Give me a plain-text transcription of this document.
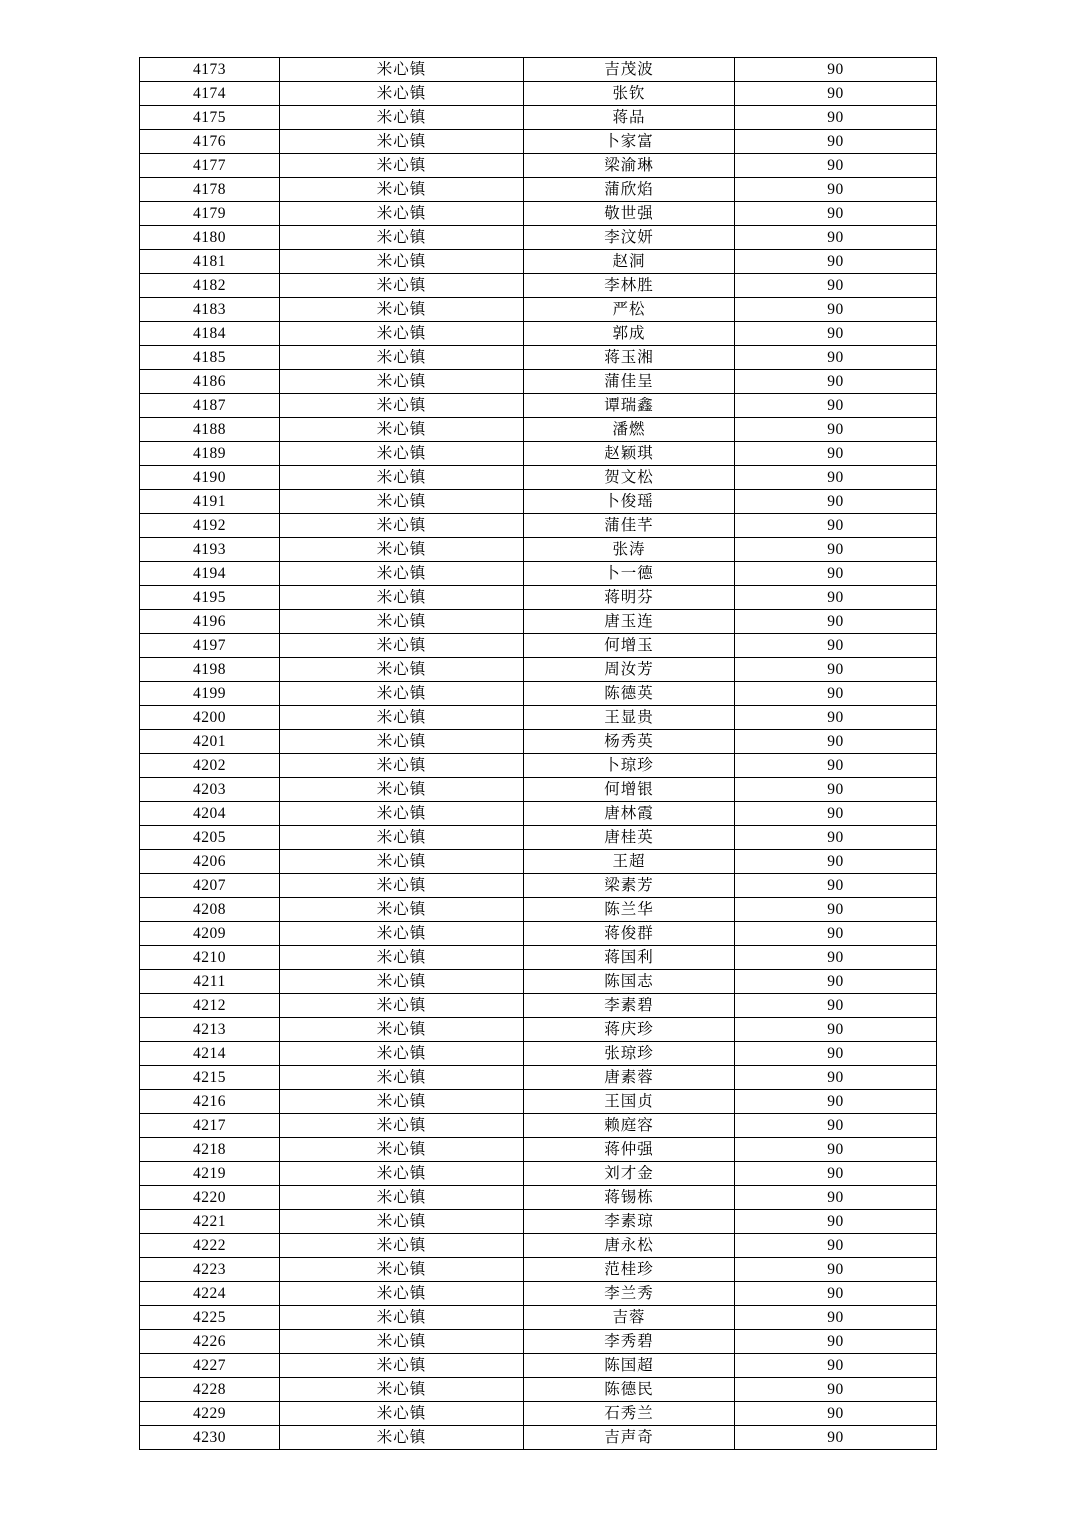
4173	米心镇	吉茂波	90
4174	米心镇	张钦	90
4175	米心镇	蒋品	90
4176	米心镇	卜家富	90
4177	米心镇	梁渝琳	90
4178	米心镇	蒲欣焰	90
4179	米心镇	敬世强	90
4180	米心镇	李汶妍	90
4181	米心镇	赵洞	90
4182	米心镇	李林胜	90
4183	米心镇	严松	90
4184	米心镇	郭成	90
4185	米心镇	蒋玉湘	90
4186	米心镇	蒲佳呈	90
4187	米心镇	谭瑞鑫	90
4188	米心镇	潘燃	90
4189	米心镇	赵颖琪	90
4190	米心镇	贺文松	90
4191	米心镇	卜俊瑶	90
4192	米心镇	蒲佳芊	90
4193	米心镇	张涛	90
4194	米心镇	卜一德	90
4195	米心镇	蒋明芬	90
4196	米心镇	唐玉连	90
4197	米心镇	何增玉	90
4198	米心镇	周汝芳	90
4199	米心镇	陈德英	90
4200	米心镇	王显贵	90
4201	米心镇	杨秀英	90
4202	米心镇	卜琼珍	90
4203	米心镇	何增银	90
4204	米心镇	唐林霞	90
4205	米心镇	唐桂英	90
4206	米心镇	王超	90
4207	米心镇	梁素芳	90
4208	米心镇	陈兰华	90
4209	米心镇	蒋俊群	90
4210	米心镇	蒋国利	90
4211	米心镇	陈国志	90
4212	米心镇	李素碧	90
4213	米心镇	蒋庆珍	90
4214	米心镇	张琼珍	90
4215	米心镇	唐素蓉	90
4216	米心镇	王国贞	90
4217	米心镇	赖庭容	90
4218	米心镇	蒋仲强	90
4219	米心镇	刘才金	90
4220	米心镇	蒋锡栋	90
4221	米心镇	李素琼	90
4222	米心镇	唐永松	90
4223	米心镇	范桂珍	90
4224	米心镇	李兰秀	90
4225	米心镇	吉蓉	90
4226	米心镇	李秀碧	90
4227	米心镇	陈国超	90
4228	米心镇	陈德民	90
4229	米心镇	石秀兰	90
4230	米心镇	吉声奇	90
